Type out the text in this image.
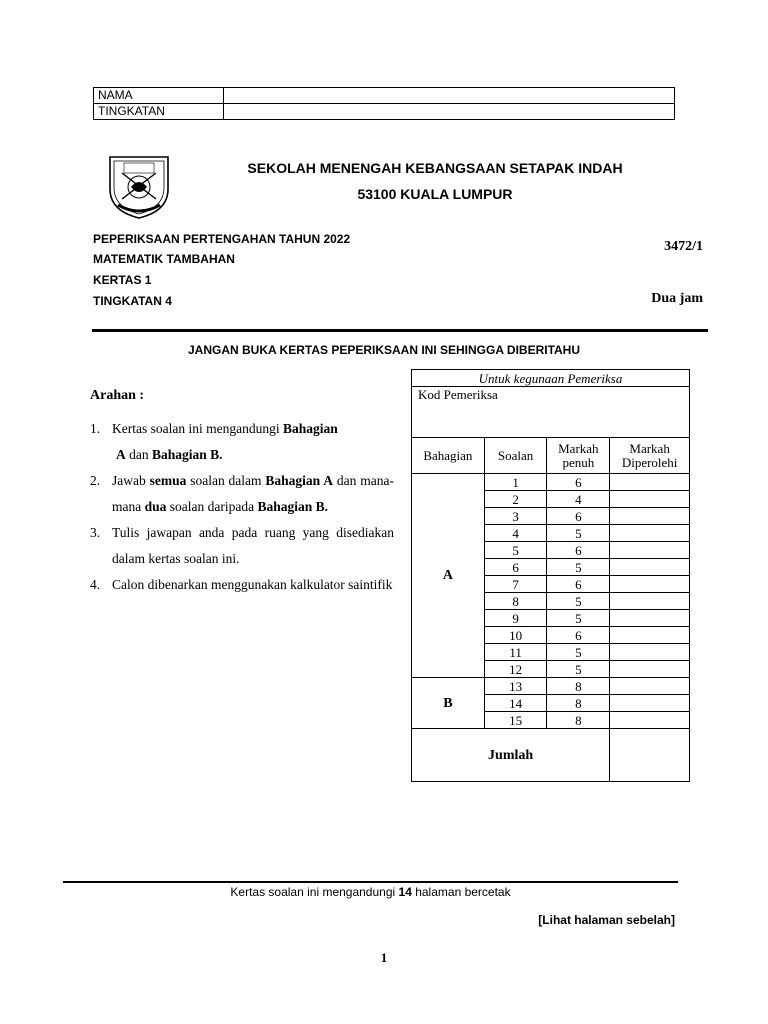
NAMA	
TINGKATAN	
SEKOLAH MENENGAH KEBANGSAAN SETAPAK INDAH
53100 KUALA LUMPUR
PEPERIKSAAN PERTENGAHAN TAHUN 2022
MATEMATIK TAMBAHAN
KERTAS 1
TINGKATAN 4
3472/1
Dua jam
JANGAN BUKA KERTAS PEPERIKSAAN INI SEHINGGA DIBERITAHU
Arahan :
1. Kertas soalan ini mengandungi Bahagian
A dan Bahagian B.
2. Jawab semua soalan dalam Bahagian A dan mana-mana dua soalan daripada Bahagian B.
3. Tulis jawapan anda pada ruang yang disediakan dalam kertas soalan ini.
4. Calon dibenarkan menggunakan kalkulator saintifik
Untuk kegunaan Pemeriksa			
Kod Pemeriksa			
Bahagian	Soalan	Markah penuh	Markah Diperolehi
A	1	6	
	2	4	
	3	6	
	4	5	
	5	6	
	6	5	
	7	6	
	8	5	
	9	5	
	10	6	
	11	5	
	12	5	
B	13	8	
	14	8	
	15	8	
Jumlah			
Kertas soalan ini mengandungi 14 halaman bercetak
[Lihat halaman sebelah]
1
